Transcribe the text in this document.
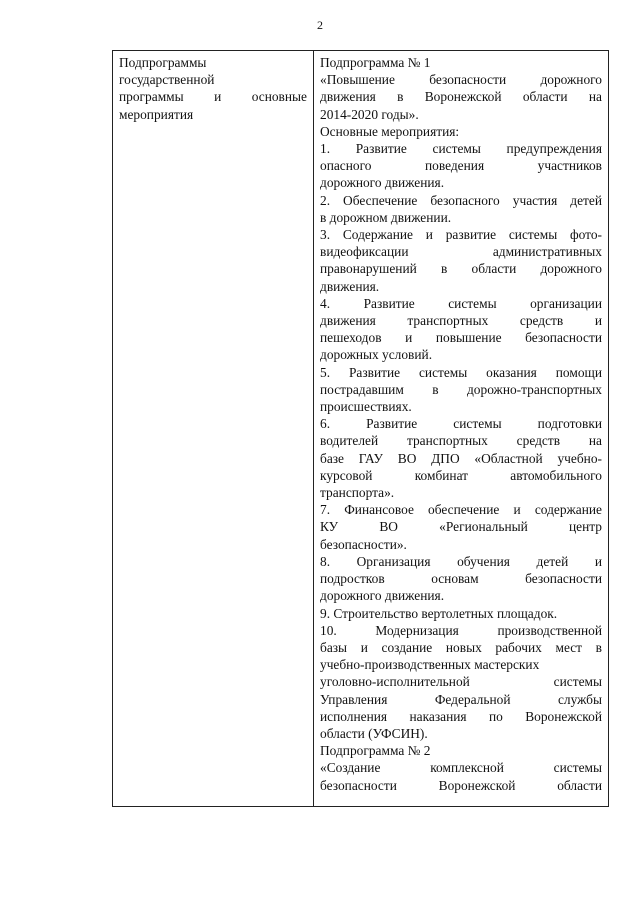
2
Подпрограммы
государственной
программы и основные
мероприятия

Подпрограмма № 1
«Повышение безопасности дорожного
движения в Воронежской области на
2014-2020 годы».
Основные мероприятия:
1. Развитие системы предупреждения
опасного поведения участников
дорожного движения.
2. Обеспечение безопасного участия детей
в дорожном движении.
3. Содержание и развитие системы фото-
видеофиксации административных
правонарушений в области дорожного
движения.
4. Развитие системы организации
движения транспортных средств и
пешеходов и повышение безопасности
дорожных условий.
5. Развитие системы оказания помощи
пострадавшим в дорожно-транспортных
происшествиях.
6. Развитие системы подготовки
водителей транспортных средств на
базе ГАУ ВО ДПО «Областной учебно-
курсовой комбинат автомобильного
транспорта».
7. Финансовое обеспечение и содержание
КУ ВО «Региональный центр
безопасности».
8. Организация обучения детей и
подростков основам безопасности
дорожного движения.
9. Строительство вертолетных площадок.
10. Модернизация производственной
базы и создание новых рабочих мест в
учебно-производственных мастерских
уголовно-исполнительной системы
Управления Федеральной службы
исполнения наказания по Воронежской
области (УФСИН).
Подпрограмма № 2
«Создание комплексной системы
безопасности Воронежской области
